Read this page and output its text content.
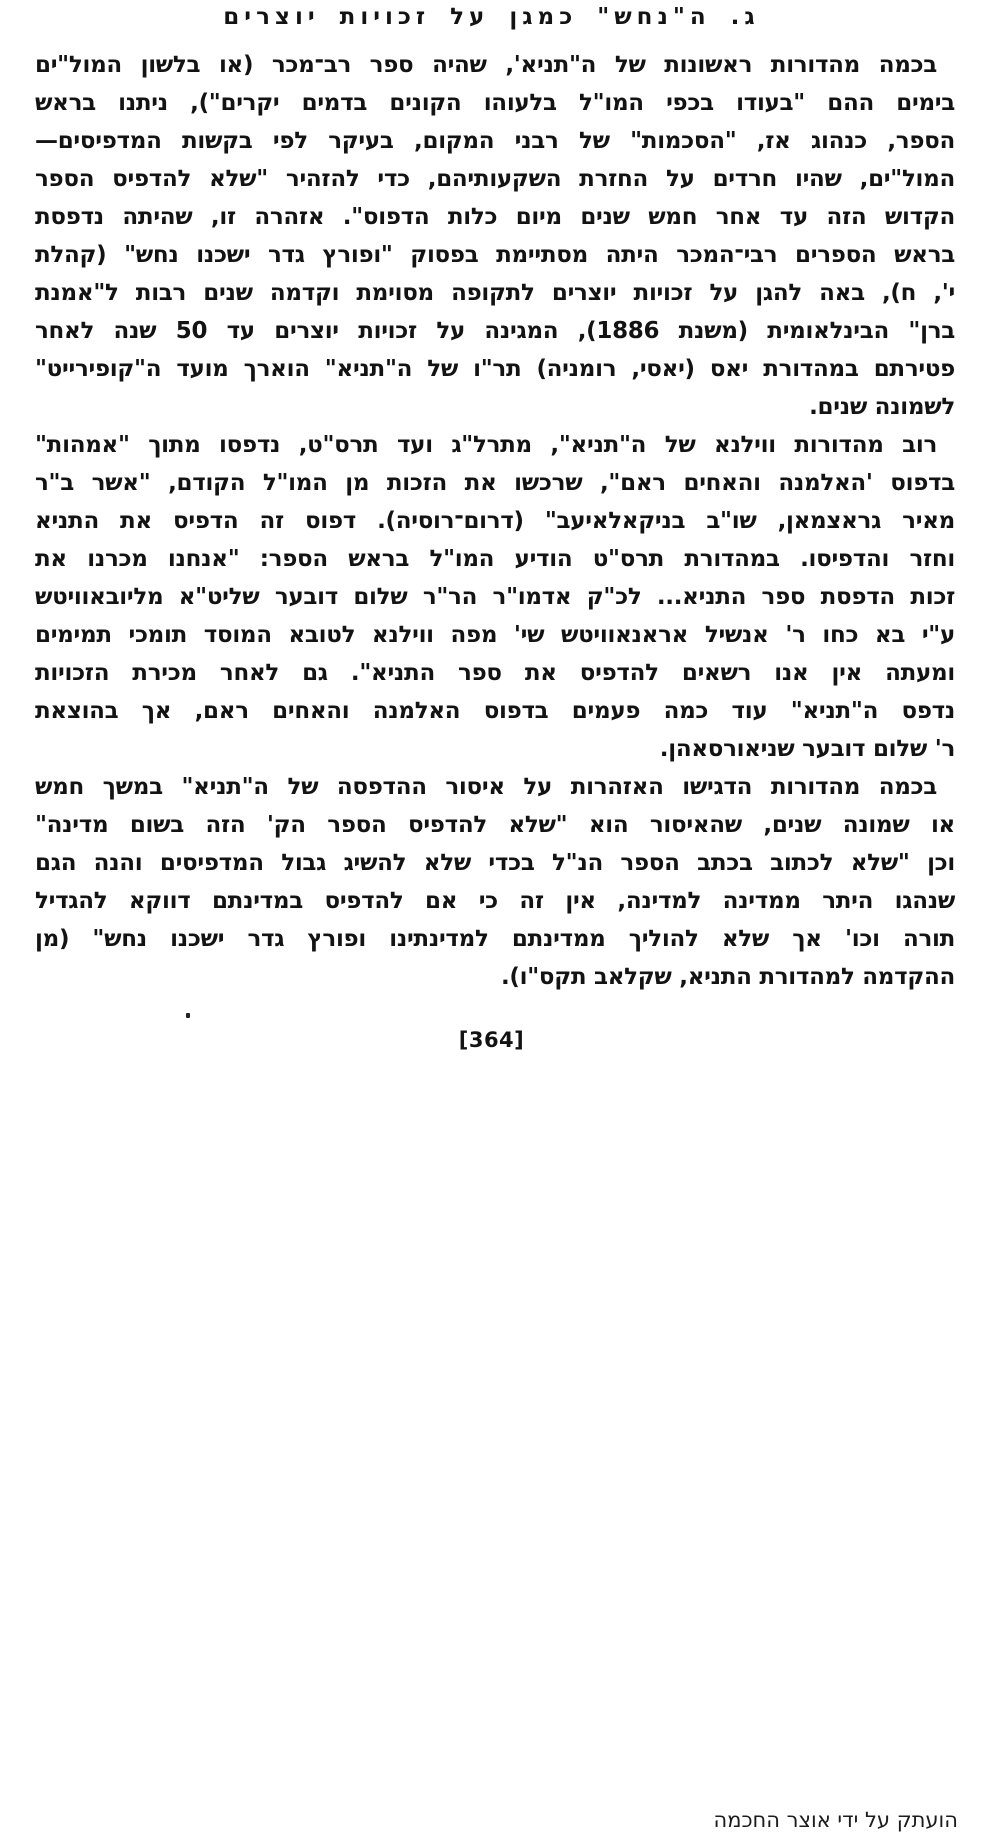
ג. ה"נחש" כמגן על זכויות יוצרים
בכמה מהדורות ראשונות של ה"תניא', שהיה ספר רב־מכר (או בלשון המול"ים
בימים ההם "בעודו בכפי המו"ל בלעוהו הקונים בדמים יקרים"), ניתנו בראש
הספר, כנהוג אז, "הסכמות" של רבני המקום, בעיקר לפי בקשות המדפיסים—
המול"ים, שהיו חרדים על החזרת השקעותיהם, כדי להזהיר "שלא להדפיס הספר
הקדוש הזה עד אחר חמש שנים מיום כלות הדפוס". אזהרה זו, שהיתה נדפסת
בראש הספרים רבי־המכר היתה מסתיימת בפסוק "ופורץ גדר ישכנו נחש" (קהלת
י', ח), באה להגן על זכויות יוצרים לתקופה מסוימת וקדמה שנים רבות ל"אמנת
ברן" הבינלאומית (משנת 1886), המגינה על זכויות יוצרים עד 50 שנה לאחר
פטירתם במהדורת יאס (יאסי, רומניה) תר"ו של ה"תניא" הוארך מועד ה"קופירייט"
לשמונה שנים.
רוב מהדורות ווילנא של ה"תניא", מתרל"ג ועד תרס"ט, נדפסו מתוך "אמהות"
בדפוס 'האלמנה והאחים ראם", שרכשו את הזכות מן המו"ל הקודם, "אשר ב"ר
מאיר גראצמאן, שו"ב בניקאלאיעב" (דרום־רוסיה). דפוס זה הדפיס את התניא
וחזר והדפיסו. במהדורת תרס"ט הודיע המו"ל בראש הספר: "אנחנו מכרנו את
זכות הדפסת ספר התניא... לכ"ק אדמו"ר הר"ר שלום דובער שליט"א מליובאוויטש
ע"י בא כחו ר' אנשיל אראנאוויטש שי' מפה ווילנא לטובא המוסד תומכי תמימים
ומעתה אין אנו רשאים להדפיס את ספר התניא". גם לאחר מכירת הזכויות
נדפס ה"תניא" עוד כמה פעמים בדפוס האלמנה והאחים ראם, אך בהוצאת
ר' שלום דובער שניאורסאהן.
בכמה מהדורות הדגישו האזהרות על איסור ההדפסה של ה"תניא" במשך חמש
או שמונה שנים, שהאיסור הוא "שלא להדפיס הספר הק' הזה בשום מדינה"
וכן "שלא לכתוב בכתב הספר הנ"ל בכדי שלא להשיג גבול המדפיסים והנה הגם
שנהגו היתר ממדינה למדינה, אין זה כי אם להדפיס במדינתם דווקא להגדיל
תורה וכו' אך שלא להוליך ממדינתם למדינתינו ופורץ גדר ישכנו נחש" (מן
ההקדמה למהדורת התניא, שקלאב תקס"ו).
[364]
הועתק על ידי אוצר החכמה
